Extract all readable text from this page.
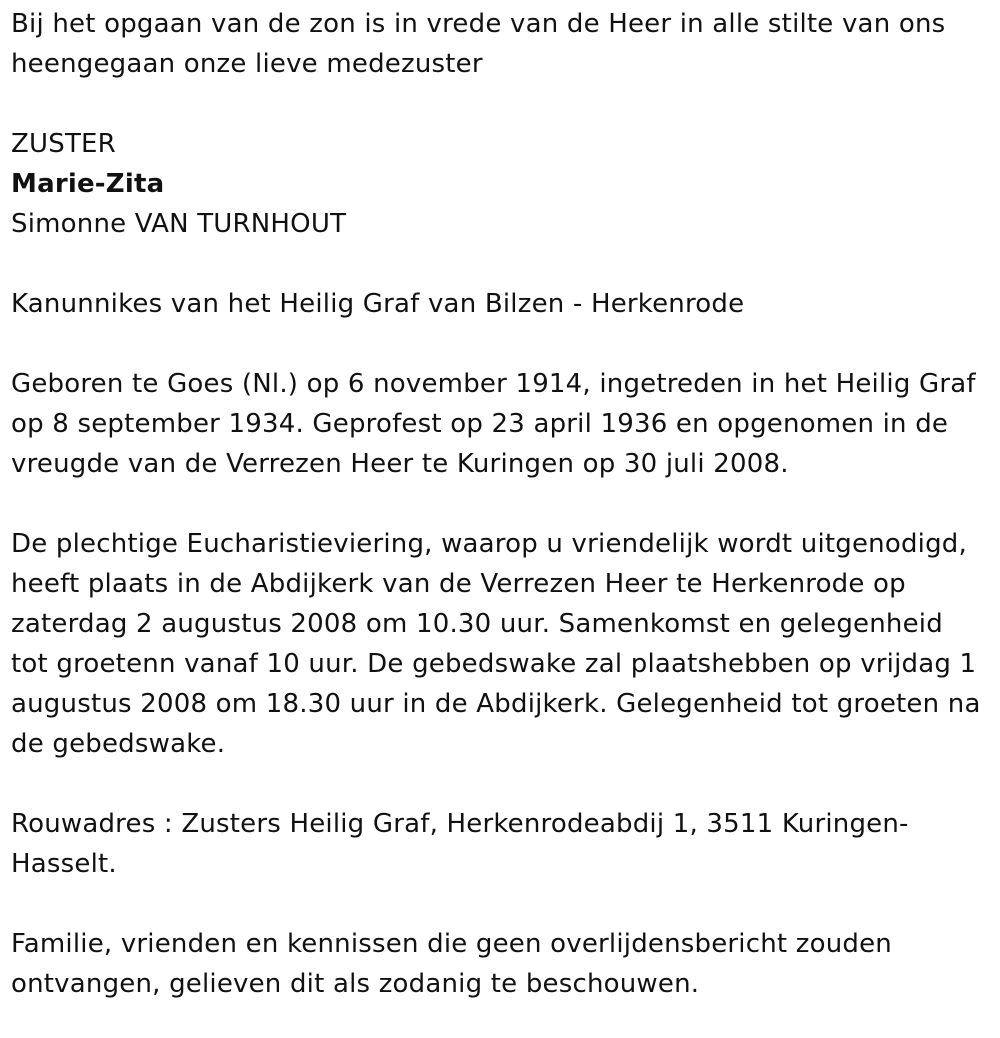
Bij het opgaan van de zon is in vrede van de Heer in alle stilte van ons
heengegaan onze lieve medezuster

ZUSTER

Marie-Zita

Simonne VAN TURNHOUT

Kanunnikes van het Heilig Graf van Bilzen - Herkenrode

Geboren te Goes (Nl.) op 6 november 1914, ingetreden in het Heilig Graf
op 8 september 1934. Geprofest op 23 april 1936 en opgenomen in de
vreugde van de Verrezen Heer te Kuringen op 30 juli 2008.

De plechtige Eucharistieviering, waarop u vriendelijk wordt uitgenodigd,
heeft plaats in de Abdijkerk van de Verrezen Heer te Herkenrode op
zaterdag 2 augustus 2008 om 10.30 uur. Samenkomst en gelegenheid
tot groetenn vanaf 10 uur. De gebedswake zal plaatshebben op vrijdag 1
augustus 2008 om 18.30 uur in de Abdijkerk. Gelegenheid tot groeten na
de gebedswake.

Rouwadres : Zusters Heilig Graf, Herkenrodeabdij 1, 3511 Kuringen-
Hasselt.

Familie, vrienden en kennissen die geen overlijdensbericht zouden
ontvangen, gelieven dit als zodanig te beschouwen.
